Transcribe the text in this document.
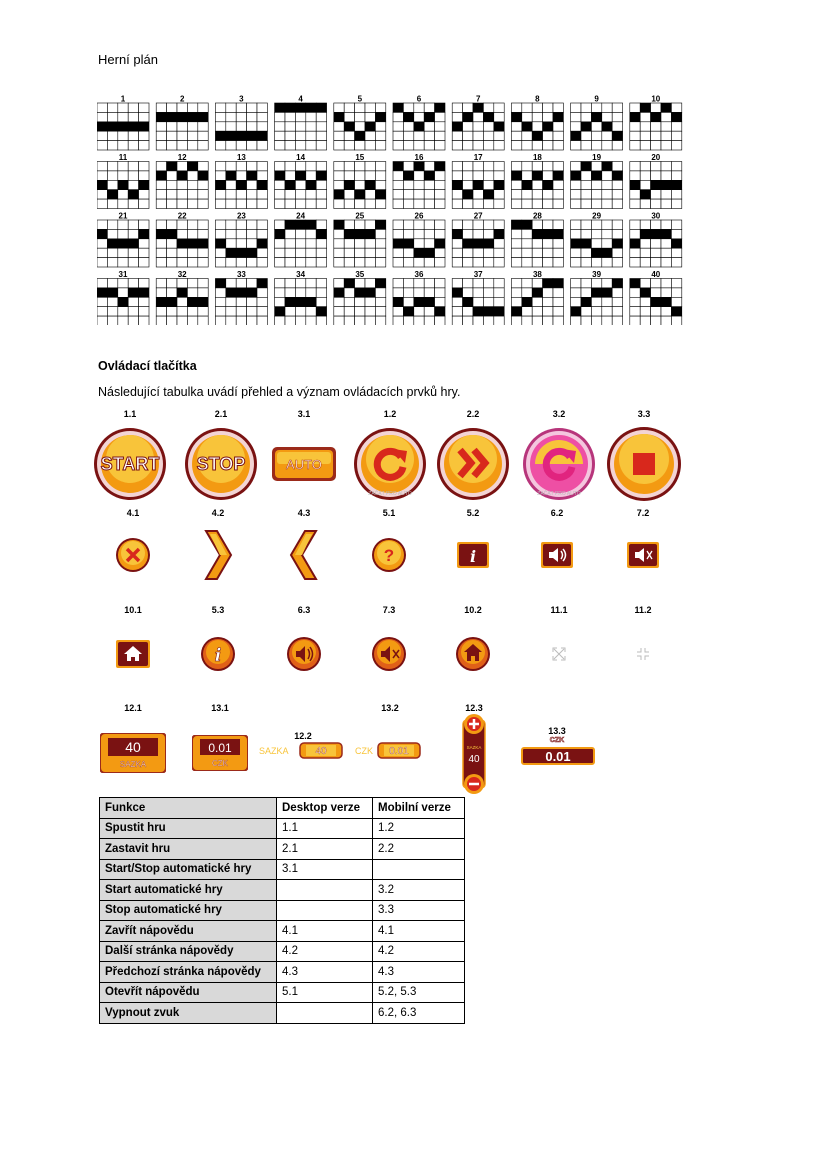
Herní plán
1	2	3	4	5	6	7	8	9	10
11	12	13	14	15	16	17	18	19	20
21	22	23	24	25	26	27	28	29	30
31	32	33	34	35	36	37	38	39	40
Ovládací tlačítka
Následující tabulka uvádí přehled a význam ovládacích prvků hry.
1.1
START
2.1
STOP
3.1
AUTO
1.2
ZAČÁT PRO AUTO
2.2	3.2
ZAČÁT PRO AUTO
3.3
4.1	4.2	4.3	5.1
?
5.2
i
6.2	7.2
10.1	5.3
i
6.3	7.3	10.2	11.1	11.2
12.1
40
SAZKA
13.1
0.01
CZK
12.2
SAZKA	40
13.2
CZK 0.01
12.3
SAZKA
40
13.3
CZK
0.01
Funkce	Desktop verze	Mobilní verze
Spustit hru	1.1	1.2
Zastavit hru	2.1	2.2
Start/Stop automatické hry	3.1	
Start automatické hry		3.2
Stop automatické hry		3.3
Zavřít nápovědu	4.1	4.1
Další stránka nápovědy	4.2	4.2
Předchozí stránka nápovědy	4.3	4.3
Otevřít nápovědu	5.1	5.2, 5.3
Vypnout zvuk		6.2, 6.3
